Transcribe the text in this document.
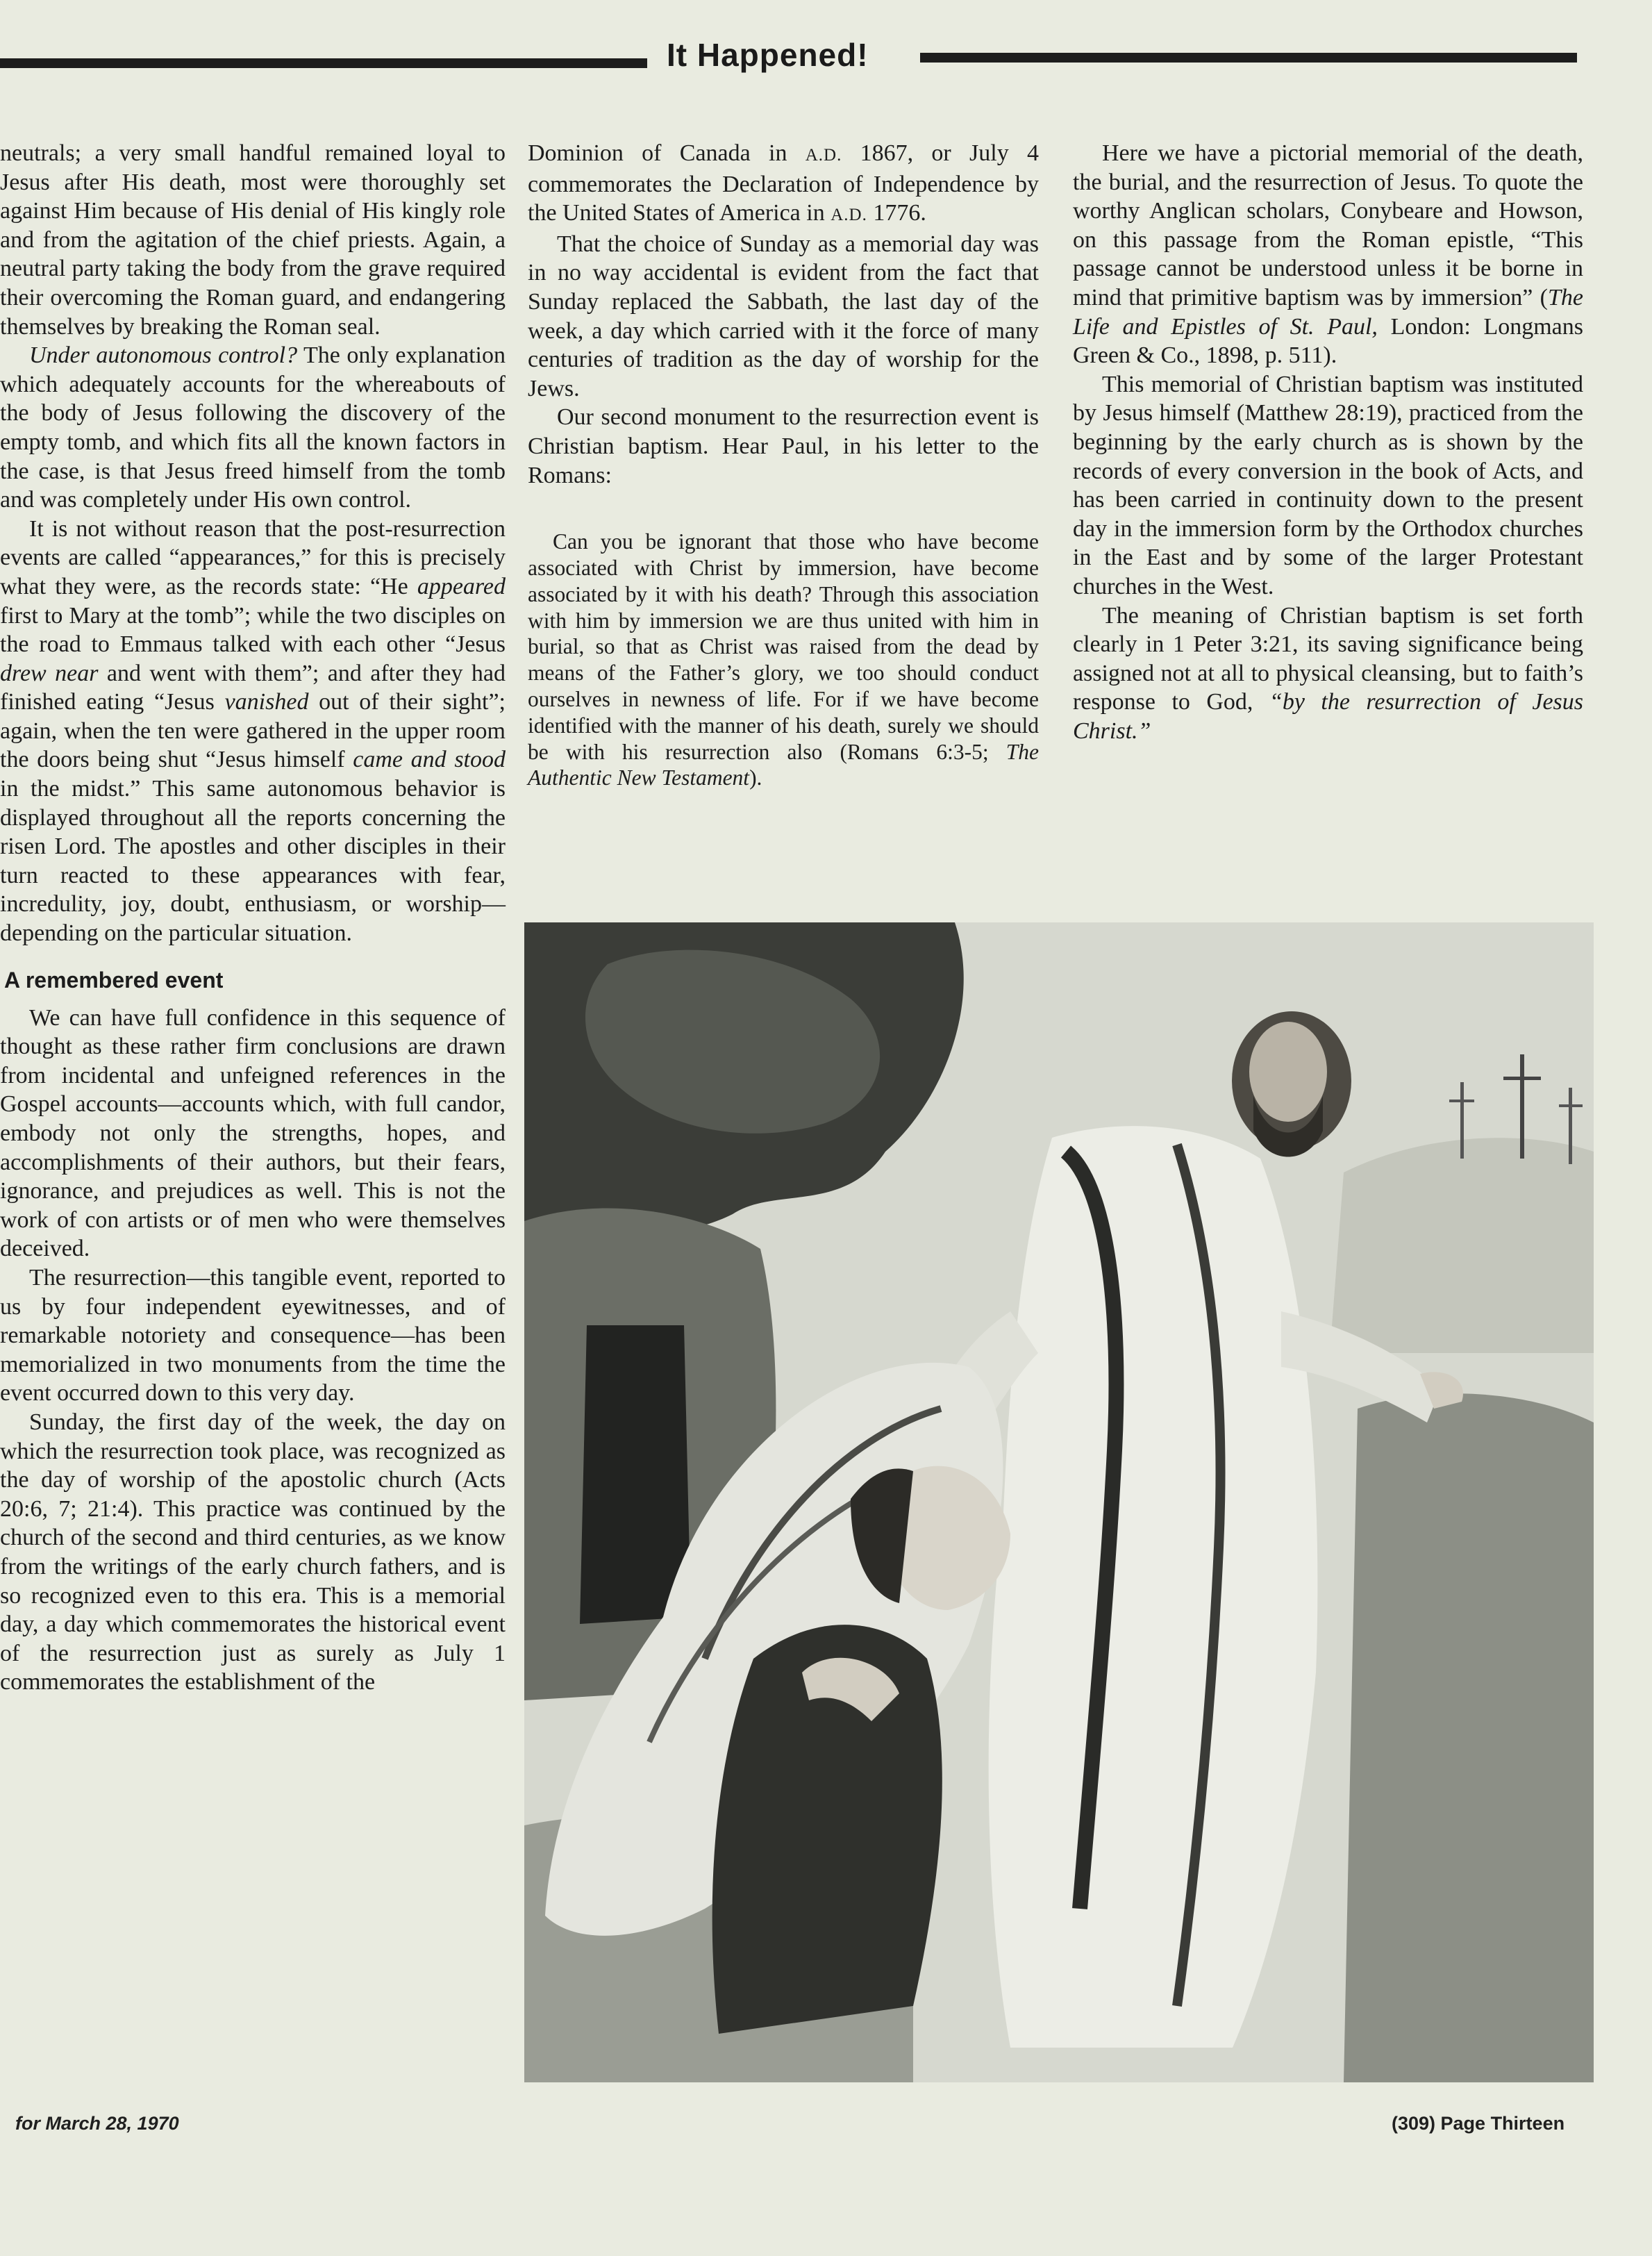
It Happened!

neutrals; a very small handful remained loyal to Jesus after His death, most were thoroughly set against Him because of His denial of His kingly role and from the agitation of the chief priests. Again, a neutral party taking the body from the grave required their overcoming the Roman guard, and endangering themselves by breaking the Roman seal.

Under autonomous control? The only explanation which adequately accounts for the whereabouts of the body of Jesus following the discovery of the empty tomb, and which fits all the known factors in the case, is that Jesus freed himself from the tomb and was completely under His own control.

It is not without reason that the post-resurrection events are called “appearances,” for this is precisely what they were, as the records state: “He appeared first to Mary at the tomb”; while the two disciples on the road to Emmaus talked with each other “Jesus drew near and went with them”; and after they had finished eating “Jesus vanished out of their sight”; again, when the ten were gathered in the upper room the doors being shut “Jesus himself came and stood in the midst.” This same autonomous behavior is displayed throughout all the reports concerning the risen Lord. The apostles and other disciples in their turn reacted to these appearances with fear, incredulity, joy, doubt, enthusiasm, or worship—depending on the particular situation.

A remembered event

We can have full confidence in this sequence of thought as these rather firm conclusions are drawn from incidental and unfeigned references in the Gospel accounts—accounts which, with full candor, embody not only the strengths, hopes, and accomplishments of their authors, but their fears, ignorance, and prejudices as well. This is not the work of con artists or of men who were themselves deceived.

The resurrection—this tangible event, reported to us by four independent eyewitnesses, and of remarkable notoriety and consequence—has been memorialized in two monuments from the time the event occurred down to this very day.

Sunday, the first day of the week, the day on which the resurrection took place, was recognized as the day of worship of the apostolic church (Acts 20:6, 7; 21:4). This practice was continued by the church of the second and third centuries, as we know from the writings of the early church fathers, and is so recognized even to this era. This is a memorial day, a day which commemorates the historical event of the resurrection just as surely as July 1 commemorates the establishment of the

Dominion of Canada in A.D. 1867, or July 4 commemorates the Declaration of Independence by the United States of America in A.D. 1776.

That the choice of Sunday as a memorial day was in no way accidental is evident from the fact that Sunday replaced the Sabbath, the last day of the week, a day which carried with it the force of many centuries of tradition as the day of worship for the Jews.

Our second monument to the resurrection event is Christian baptism. Hear Paul, in his letter to the Romans:

Can you be ignorant that those who have become associated with Christ by immersion, have become associated by it with his death? Through this association with him by immersion we are thus united with him in burial, so that as Christ was raised from the dead by means of the Father’s glory, we too should conduct ourselves in newness of life. For if we have become identified with the manner of his death, surely we should be with his resurrection also (Romans 6:3-5; The Authentic New Testament).

Here we have a pictorial memorial of the death, the burial, and the resurrection of Jesus. To quote the worthy Anglican scholars, Conybeare and Howson, on this passage from the Roman epistle, “This passage cannot be understood unless it be borne in mind that primitive baptism was by immersion” (The Life and Epistles of St. Paul, London: Longmans Green & Co., 1898, p. 511).

This memorial of Christian baptism was instituted by Jesus himself (Matthew 28:19), practiced from the beginning by the early church as is shown by the records of every conversion in the book of Acts, and has been carried in continuity down to the present day in the immersion form by the Orthodox churches in the East and by some of the larger Protestant churches in the West.

The meaning of Christian baptism is set forth clearly in 1 Peter 3:21, its saving significance being assigned not at all to physical cleansing, but to faith’s response to God, “by the resurrection of Jesus Christ.”

for March 28, 1970	(309) Page Thirteen
